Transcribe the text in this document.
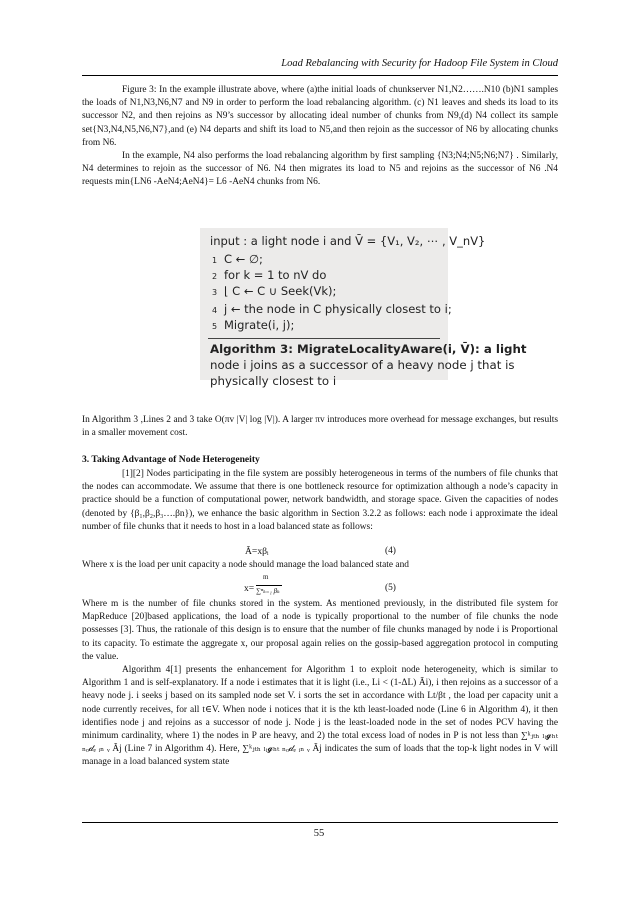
Load Rebalancing with Security for Hadoop File System in Cloud
Figure 3: In the example illustrate above, where (a)the initial loads of chunkserver N1,N2…….N10 (b)N1 samples the loads of N1,N3,N6,N7 and N9 in order to perform the load rebalancing algorithm. (c) N1 leaves and sheds its load to its successor N2, and then rejoins as N9’s successor by allocating ideal number of chunks from N9,(d) N4 collect its sample set{N3,N4,N5,N6,N7},and (e) N4 departs and shift its load to N5,and then rejoin as the successor of N6 by allocating chunks from N6.
In the example, N4 also performs the load rebalancing algorithm by first sampling {N3;N4;N5;N6;N7} . Similarly, N4 determines to rejoin as the successor of N6. N4 then migrates its load to N5 and rejoins as the successor of N6 .N4 requests min{LN6 -AeN4;AeN4}= L6 -AeN4 chunks from N6.
input : a light node i and V̄ = {V₁, V₂, ⋯ , V_nV}
1 C ← ∅;
2 for k = 1 to nV do
3 ⌊ C ← C ∪ Seek(Vk);
4 j ← the node in C physically closest to i;
5 Migrate(i, j);
Algorithm 3: MigrateLocalityAware(i, V̄): a light
node i joins as a successor of a heavy node j that is
physically closest to i
In Algorithm 3 ,Lines 2 and 3 take O(πv |V| log |V|). A larger πv introduces more overhead for message exchanges, but results in a smaller movement cost.
3. Taking Advantage of Node Heterogeneity
[1][2] Nodes participating in the file system are possibly heterogeneous in terms of the numbers of file chunks that the nodes can accommodate. We assume that there is one bottleneck resource for optimization although a node’s capacity in practice should be a function of computational power, network bandwidth, and storage space. Given the capacities of nodes (denoted by {β₁,β₂,β₃….βn}), we enhance the basic algorithm in Section 3.2.2 as follows: each node i approximate the ideal number of file chunks that it needs to host in a load balanced state as follows:
Ã=xβᵢ	(4)
Where x is the load per unit capacity a node should manage the load balanced state and
x=
m
∑ⁿₖ₌₁ βₖ	(5)
Where m is the number of file chunks stored in the system. As mentioned previously, in the distributed file system for MapReduce [20]based applications, the load of a node is typically proportional to the number of file chunks the node possesses [3]. Thus, the rationale of this design is to ensure that the number of file chunks managed by node i is Proportional to its capacity. To estimate the aggregate x, our proposal again relies on the gossip-based aggregation protocol in computing the value.
Algorithm 4[1] presents the enhancement for Algorithm 1 to exploit node heterogeneity, which is similar to Algorithm 1 and is self-explanatory. If a node i estimates that it is light (i.e., Li < (1-ΔL) Ãi), i then rejoins as a successor of a heavy node j. i seeks j based on its sampled node set V. i sorts the set in accordance with Lt/βt , the load per capacity unit a node currently receives, for all t∈V. When node i notices that it is the kth least-loaded node (Line 6 in Algorithm 4), it then identifies node j and rejoins as a successor of node j. Node j is the least-loaded node in the set of nodes PCV having the minimum cardinality, where 1) the nodes in P are heavy, and 2) the total excess load of nodes in P is not less than ∑ᵏⱼₜₕ ₗᵢ𝓰ₕₜ ₙₒ𝒹ₑ ᵢₙ ᵥ Ãj (Line 7 in Algorithm 4). Here, ∑ᵏⱼₜₕ ₗᵢ𝓰ₕₜ ₙₒ𝒹ₑ ᵢₙ ᵥ Ãj indicates the sum of loads that the top-k light nodes in V will manage in a load balanced system state
55
